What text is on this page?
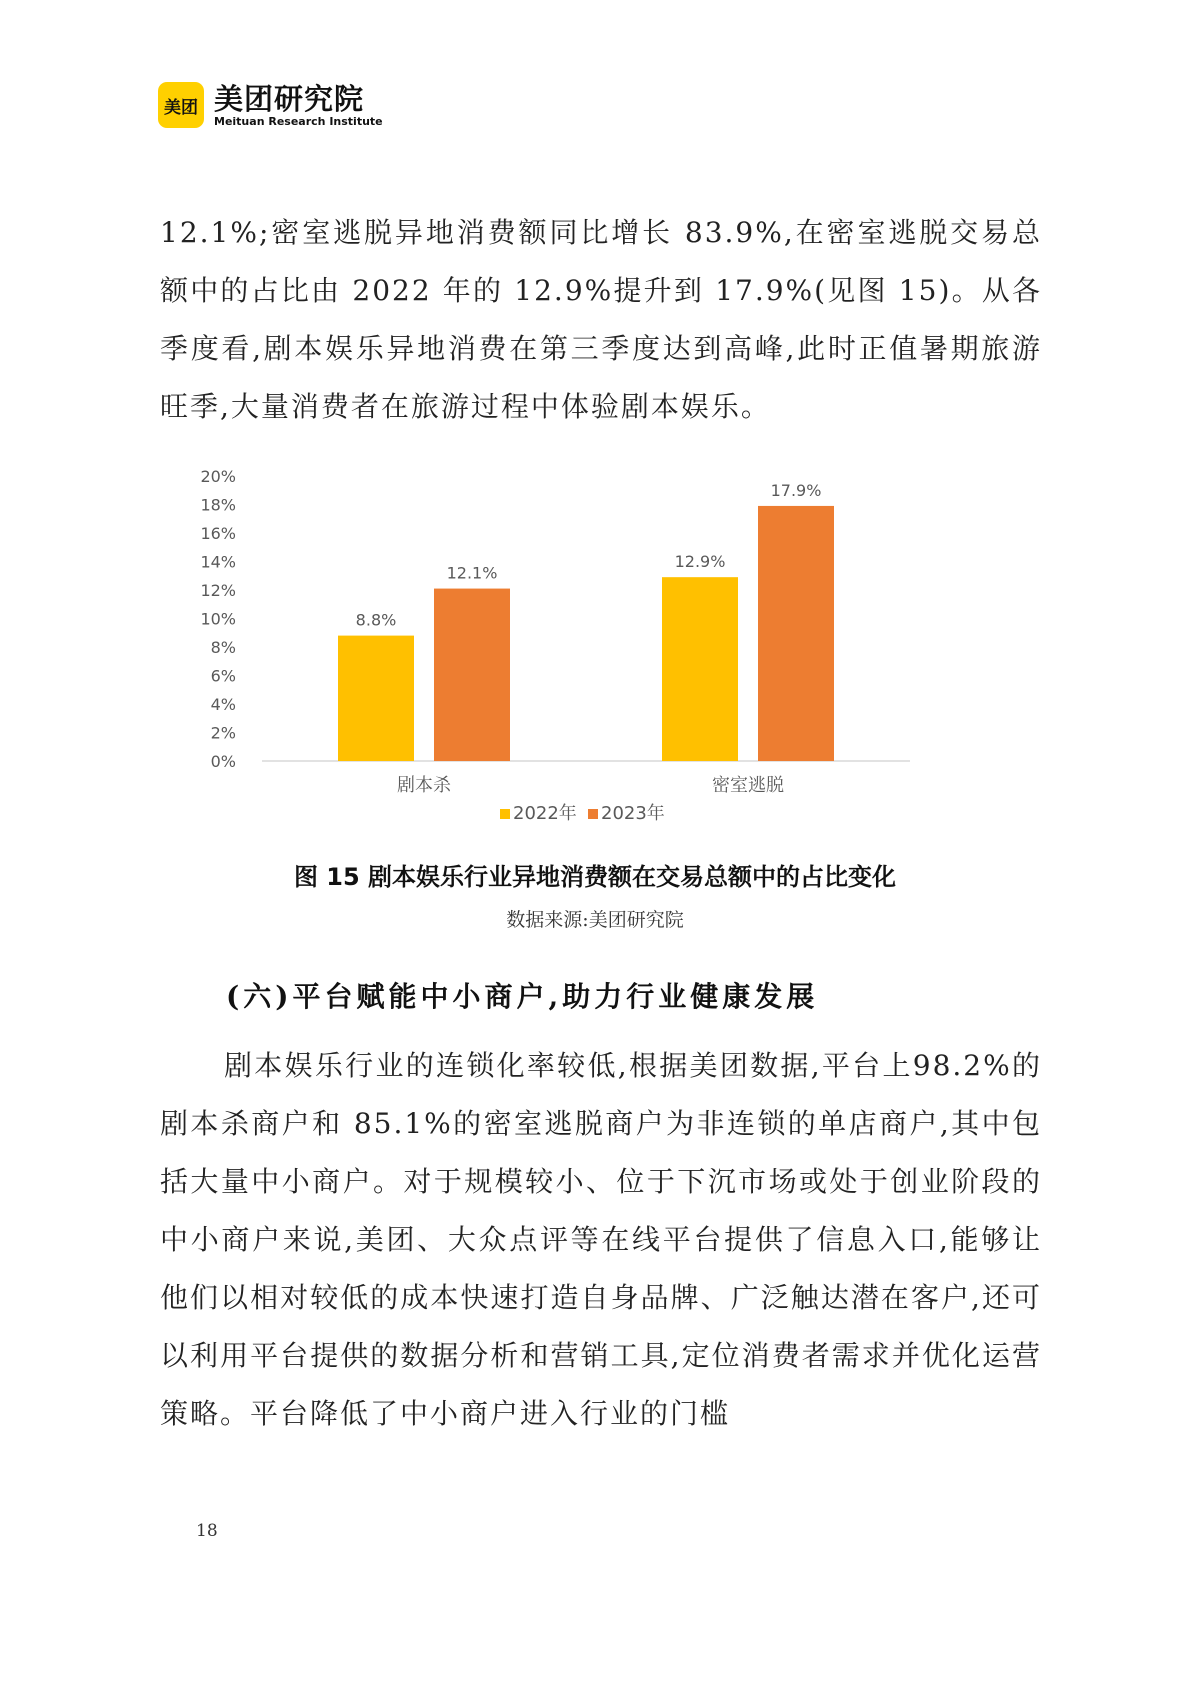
美团 美团研究院
Meituan Research Institute

12.1%;密室逃脱异地消费额同比增长 83.9%,在密室逃脱交易总额中的占比由 2022 年的 12.9%提升到 17.9%(见图 15)。从各季度看,剧本娱乐异地消费在第三季度达到高峰,此时正值暑期旅游旺季,大量消费者在旅游过程中体验剧本娱乐。

0%
2%
4%
6%
8%
10%
12%
14%
16%
18%
20%
8.8%
12.1%
剧本杀
12.9%
17.9%
密室逃脱
2022年 2023年
图 15 剧本娱乐行业异地消费额在交易总额中的占比变化
数据来源:美团研究院
(六)平台赋能中小商户,助力行业健康发展

剧本娱乐行业的连锁化率较低,根据美团数据,平台上98.2%的剧本杀商户和 85.1%的密室逃脱商户为非连锁的单店商户,其中包括大量中小商户。对于规模较小、位于下沉市场或处于创业阶段的中小商户来说,美团、大众点评等在线平台提供了信息入口,能够让他们以相对较低的成本快速打造自身品牌、广泛触达潜在客户,还可以利用平台提供的数据分析和营销工具,定位消费者需求并优化运营策略。平台降低了中小商户进入行业的门槛

18
